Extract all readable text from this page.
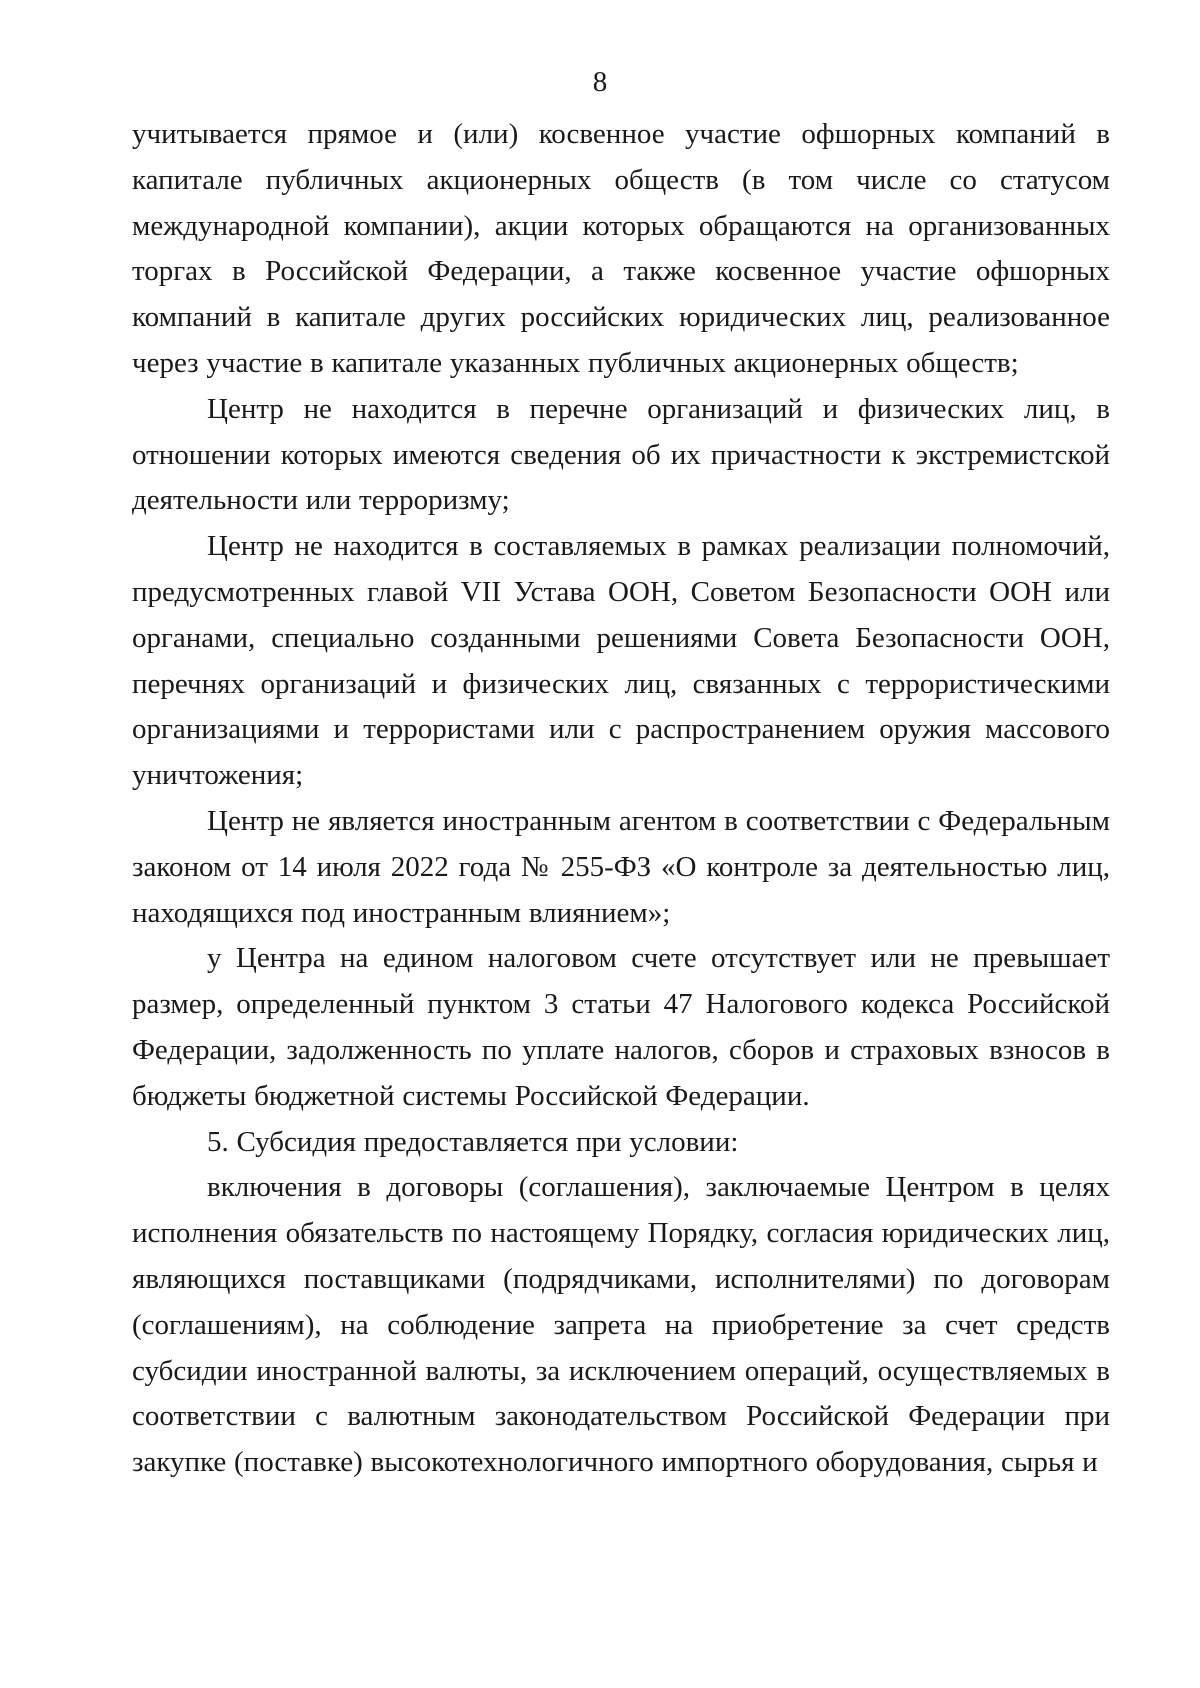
8

учитывается прямое и (или) косвенное участие офшорных компаний в капитале публичных акционерных обществ (в том числе со статусом международной компании), акции которых обращаются на организованных торгах в Российской Федерации, а также косвенное участие офшорных компаний в капитале других российских юридических лиц, реализованное через участие в капитале указанных публичных акционерных обществ;

Центр не находится в перечне организаций и физических лиц, в отношении которых имеются сведения об их причастности к экстремистской деятельности или терроризму;

Центр не находится в составляемых в рамках реализации полномочий, предусмотренных главой VII Устава ООН, Советом Безопасности ООН или органами, специально созданными решениями Совета Безопасности ООН, перечнях организаций и физических лиц, связанных с террористическими организациями и террористами или с распространением оружия массового уничтожения;

Центр не является иностранным агентом в соответствии с Федеральным законом от 14 июля 2022 года № 255-ФЗ «О контроле за деятельностью лиц, находящихся под иностранным влиянием»;

у Центра на едином налоговом счете отсутствует или не превышает размер, определенный пунктом 3 статьи 47 Налогового кодекса Российской Федерации, задолженность по уплате налогов, сборов и страховых взносов в бюджеты бюджетной системы Российской Федерации.

5. Субсидия предоставляется при условии:

включения в договоры (соглашения), заключаемые Центром в целях исполнения обязательств по настоящему Порядку, согласия юридических лиц, являющихся поставщиками (подрядчиками, исполнителями) по договорам (соглашениям), на соблюдение запрета на приобретение за счет средств субсидии иностранной валюты, за исключением операций, осуществляемых в соответствии с валютным законодательством Российской Федерации при закупке (поставке) высокотехнологичного импортного оборудования, сырья и
